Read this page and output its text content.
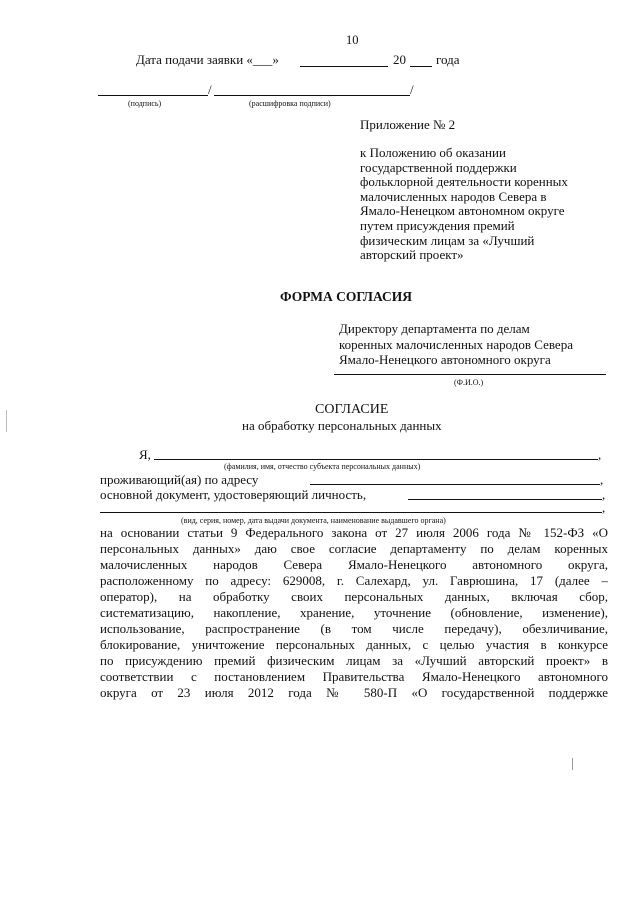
10
Дата подачи заявки «___»	20 года
/	/
(подпись)	(расшифровка подписи)
Приложение № 2

к Положению об оказании

государственной поддержки

фольклорной деятельности коренных

малочисленных народов Севера в

Ямало-Ненецком автономном округе

путем присуждения премий

физическим лицам за «Лучший

авторский проект»

ФОРМА СОГЛАСИЯ

Директору департамента по делам

коренных малочисленных народов Севера

Ямало-Ненецкого автономного округа

(Ф.И.О.)
СОГЛАСИЕ
на обработку персональных данных
Я,	,
(фамилия, имя, отчество субъекта персональных данных)
проживающий(ая) по адресу	,
основной документ, удостоверяющий личность,	,
,
(вид, серия, номер, дата выдачи документа, наименование выдавшего органа)
на основании статьи 9 Федерального закона от 27 июля 2006 года № 152-ФЗ «О
персональных данных» даю свое согласие департаменту по делам коренных
малочисленных народов Севера Ямало-Ненецкого автономного округа,
расположенному по адресу: 629008, г. Салехард, ул. Гаврюшина, 17 (далее –
оператор), на обработку своих персональных данных, включая сбор,
систематизацию, накопление, хранение, уточнение (обновление, изменение),
использование, распространение (в том числе передачу), обезличивание,
блокирование, уничтожение персональных данных, с целью участия в конкурсе
по присуждению премий физическим лицам за «Лучший авторский проект» в
соответствии с постановлением Правительства Ямало-Ненецкого автономного
округа от 23 июля 2012 года № 580-П «О государственной поддержке
